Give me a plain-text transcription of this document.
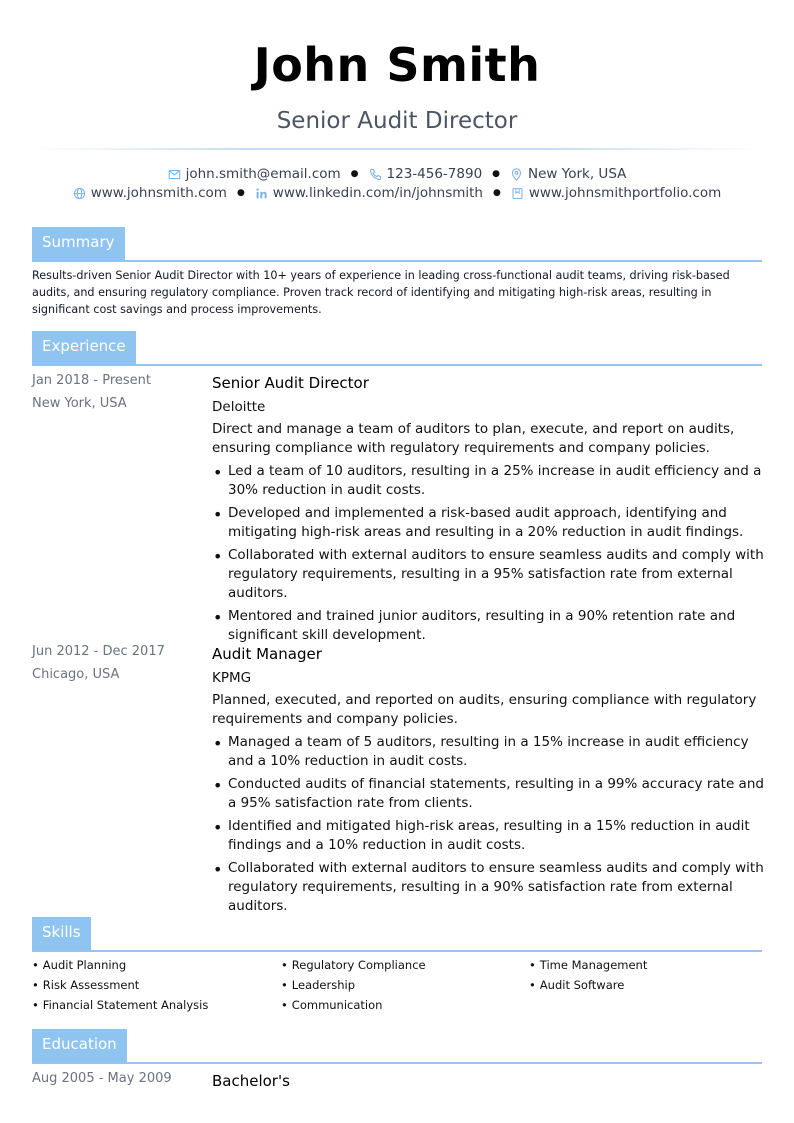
John Smith
Senior Audit Director
john.smith@email.com ● 123-456-7890 ● New York, USA
www.johnsmith.com ● www.linkedin.com/in/johnsmith ● www.johnsmithportfolio.com
Summary
Results-driven Senior Audit Director with 10+ years of experience in leading cross-functional audit teams, driving risk-based audits, and ensuring regulatory compliance. Proven track record of identifying and mitigating high-risk areas, resulting in significant cost savings and process improvements.
Experience
Jan 2018 - Present
New York, USA
Senior Audit Director
Deloitte
Direct and manage a team of auditors to plan, execute, and report on audits, ensuring compliance with regulatory requirements and company policies.
• Led a team of 10 auditors, resulting in a 25% increase in audit efficiency and a 30% reduction in audit costs.
• Developed and implemented a risk-based audit approach, identifying and mitigating high-risk areas and resulting in a 20% reduction in audit findings.
• Collaborated with external auditors to ensure seamless audits and comply with regulatory requirements, resulting in a 95% satisfaction rate from external auditors.
• Mentored and trained junior auditors, resulting in a 90% retention rate and significant skill development.
Jun 2012 - Dec 2017
Chicago, USA
Audit Manager
KPMG
Planned, executed, and reported on audits, ensuring compliance with regulatory requirements and company policies.
• Managed a team of 5 auditors, resulting in a 15% increase in audit efficiency and a 10% reduction in audit costs.
• Conducted audits of financial statements, resulting in a 99% accuracy rate and a 95% satisfaction rate from clients.
• Identified and mitigated high-risk areas, resulting in a 15% reduction in audit findings and a 10% reduction in audit costs.
• Collaborated with external auditors to ensure seamless audits and comply with regulatory requirements, resulting in a 90% satisfaction rate from external auditors.
Skills
• Audit Planning	• Regulatory Compliance	• Time Management
• Risk Assessment	• Leadership	• Audit Software
• Financial Statement Analysis	• Communication
Education
Aug 2005 - May 2009	Bachelor's
